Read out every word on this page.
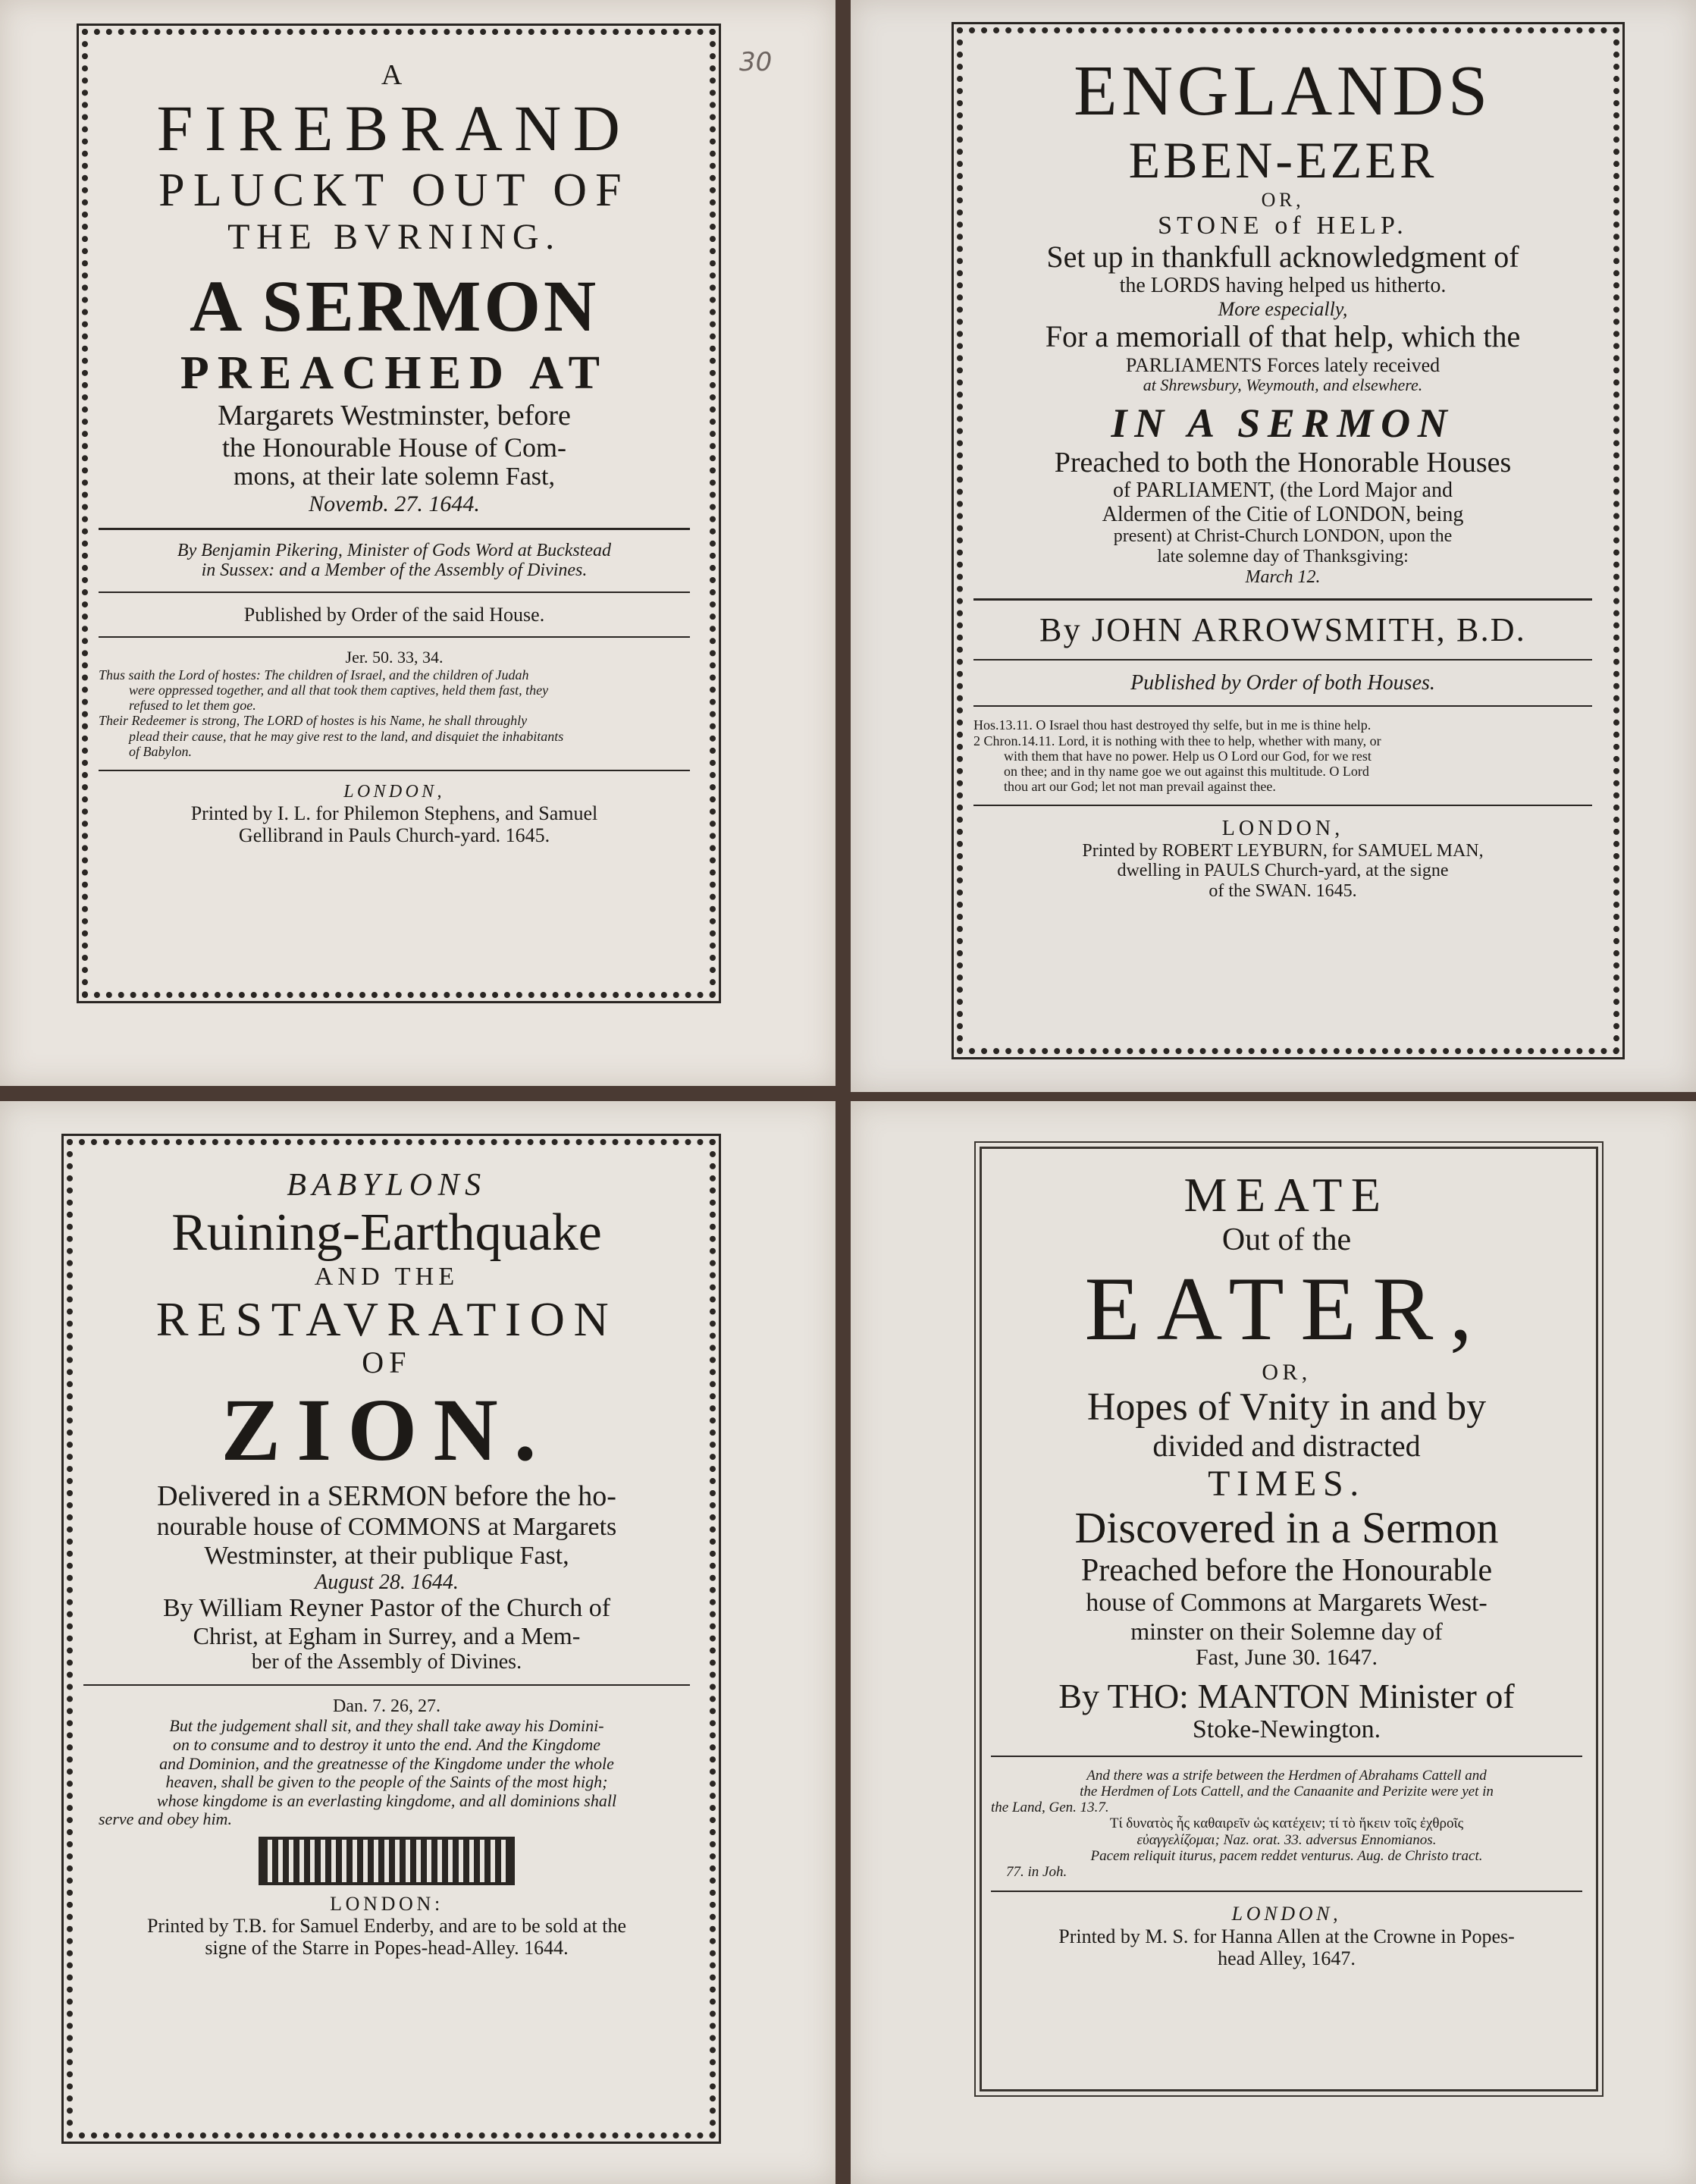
30
A
FIREBRAND
PLUCKT OUT OF
THE BVRNING.
A SERMON
PREACHED AT
Margarets Westminster, before
the Honourable House of Com-
mons, at their late solemn Fast,
Novemb. 27. 1644.
By Benjamin Pikering, Minister of Gods Word at Buckstead
in Sussex: and a Member of the Assembly of Divines.
Published by Order of the said House.
Jer. 50. 33, 34.
Thus saith the Lord of hostes: The children of Israel, and the children of Judah
were oppressed together, and all that took them captives, held them fast, they
refused to let them goe.
Their Redeemer is strong, The LORD of hostes is his Name, he shall throughly
plead their cause, that he may give rest to the land, and disquiet the inhabitants
of Babylon.
LONDON,
Printed by I. L. for Philemon Stephens, and Samuel
Gellibrand in Pauls Church-yard. 1645.
ENGLANDS
EBEN-EZER
OR,
STONE of HELP.
Set up in thankfull acknowledgment of
the LORDS having helped us hitherto.
More especially,
For a memoriall of that help, which the
PARLIAMENTS Forces lately received
at Shrewsbury, Weymouth, and elsewhere.
IN A SERMON
Preached to both the Honorable Houses
of PARLIAMENT, (the Lord Major and
Aldermen of the Citie of LONDON, being
present) at Christ-Church LONDON, upon the
late solemne day of Thanksgiving:
March 12.
By JOHN ARROWSMITH, B.D.
Published by Order of both Houses.
Hos.13.11. O Israel thou hast destroyed thy selfe, but in me is thine help.
2 Chron.14.11. Lord, it is nothing with thee to help, whether with many, or
with them that have no power. Help us O Lord our God, for we rest
on thee; and in thy name goe we out against this multitude. O Lord
thou art our God; let not man prevail against thee.
LONDON,
Printed by ROBERT LEYBURN, for SAMUEL MAN,
dwelling in PAULS Church-yard, at the signe
of the SWAN. 1645.
BABYLONS
Ruining-Earthquake
AND THE
RESTAVRATION
OF
ZION.
Delivered in a SERMON before the ho-
nourable house of COMMONS at Margarets
Westminster, at their publique Fast,
August 28. 1644.
By William Reyner Pastor of the Church of
Christ, at Egham in Surrey, and a Mem-
ber of the Assembly of Divines.
Dan. 7. 26, 27.
But the judgement shall sit, and they shall take away his Domini-
on to consume and to destroy it unto the end. And the Kingdome
and Dominion, and the greatnesse of the Kingdome under the whole
heaven, shall be given to the people of the Saints of the most high;
whose kingdome is an everlasting kingdome, and all dominions shall
serve and obey him.
LONDON:
Printed by T.B. for Samuel Enderby, and are to be sold at the
signe of the Starre in Popes-head-Alley. 1644.
MEATE
Out of the
EATER,
OR,
Hopes of Vnity in and by
divided and distracted
TIMES.
Discovered in a Sermon
Preached before the Honourable
house of Commons at Margarets West-
minster on their Solemne day of
Fast, June 30. 1647.
By THO: MANTON Minister of
Stoke-Newington.
And there was a strife between the Herdmen of Abrahams Cattell and
the Herdmen of Lots Cattell, and the Canaanite and Perizite were yet in
the Land, Gen. 13.7.
Τί δυνατὸς ἦς καθαιρεῖν ὡς κατέχειν; τί τὸ ἥκειν τοῖς ἐχθροῖς
εὐαγγελίζομαι; Naz. orat. 33. adversus Ennomianos.
Pacem reliquit iturus, pacem reddet venturus. Aug. de Christo tract.
77. in Joh.
LONDON,
Printed by M. S. for Hanna Allen at the Crowne in Popes-
head Alley, 1647.
